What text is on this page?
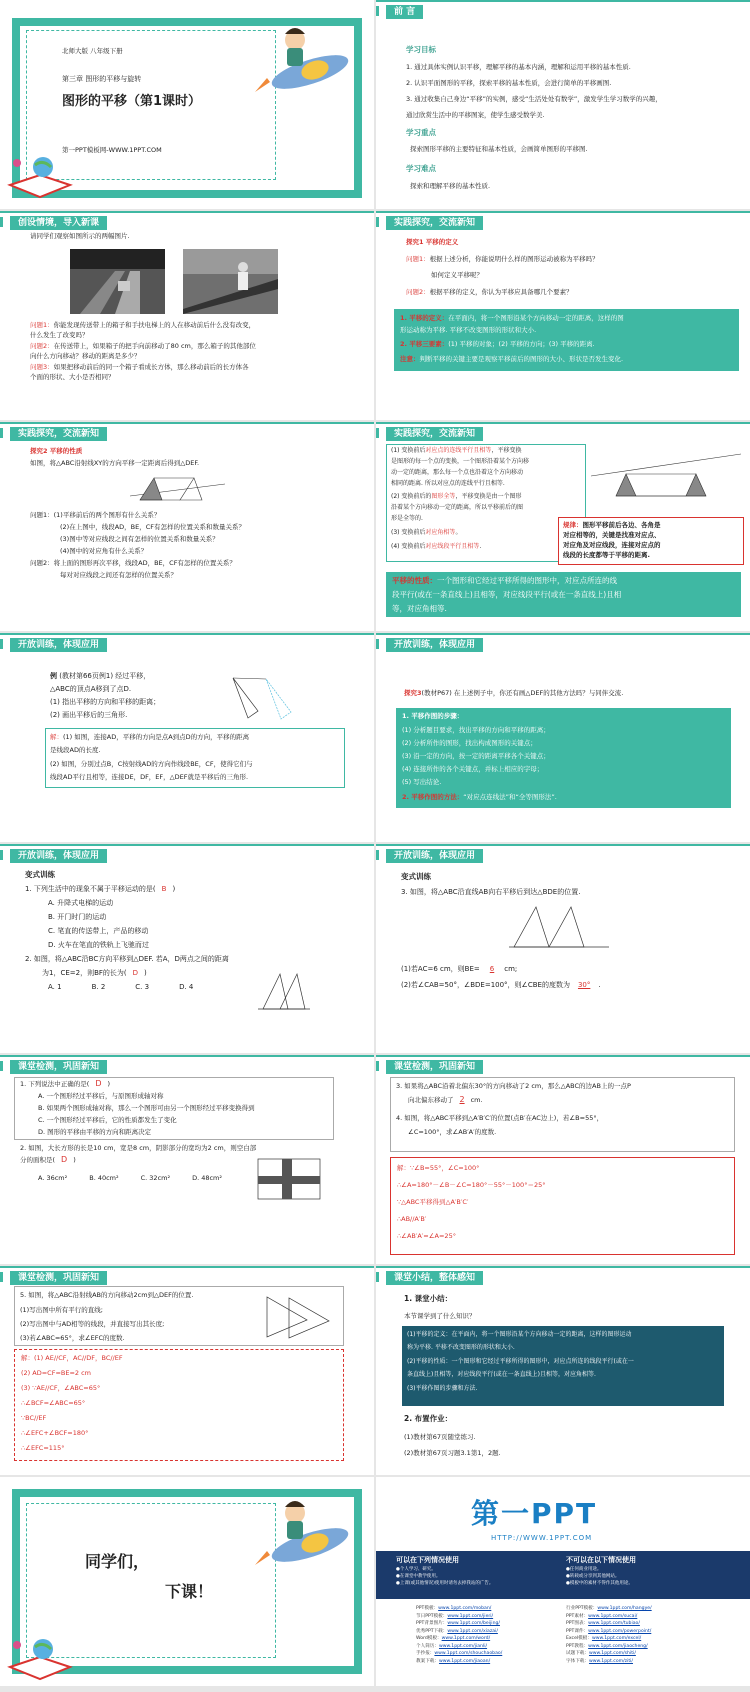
北师大版 八年级下册
第三章 图形的平移与旋转
图形的平移（第1课时）
第一PPT模板网-WWW.1PPT.COM
前 言
学习目标
1. 通过具体实例认识平移，理解平移的基本内涵，理解和运用平移的基本性质.
2. 认识平面图形的平移，探索平移的基本性质，会进行简单的平移画图.
3. 通过收集自己身边“平移”的实例，感受“生活处处有数学”，激发学生学习数学的兴趣，
通过欣赏生活中的平移图案，使学生感受数学美.
学习重点
探索图形平移的主要特征和基本性质，会画简单图形的平移图.
学习难点
探索和理解平移的基本性质.
创设情境，导入新课
请同学们观察如图所示的两幅图片.
问题1：你能发现传送带上的箱子和手扶电梯上的人在移动前后什么没有改变，
什么发生了改变吗？
问题2：在传送带上，如果箱子的把手向前移动了80 cm，那么箱子的其他部位
向什么方向移动？移动的距离是多少？
问题3：如果把移动前后的同一个箱子看成长方体，那么移动前后的长方体各
个面的形状、大小是否相同？
实践探究，交流新知
探究1 平移的定义
问题1：根据上述分析，你能说明什么样的图形运动被称为平移吗？
如何定义平移呢？
问题2：根据平移的定义，你认为平移应具备哪几个要素？
1. 平移的定义：在平面内，将一个图形沿某个方向移动一定的距离，这样的图
形运动称为平移. 平移不改变图形的形状和大小.
2. 平移三要素：(1) 平移的对象；(2) 平移的方向；(3) 平移的距离.
注意：判断平移的关键主要是观察平移前后的图形的大小、形状是否发生变化.
实践探究，交流新知
探究2 平移的性质
如图，将△ABC沿射线XY的方向平移一定距离后得到△DEF.
问题1：(1)平移前后的两个图形有什么关系？
(2)在上图中，线段AD，BE，CF有怎样的位置关系和数量关系？
(3)图中等对应线段之间有怎样的位置关系和数量关系？
(4)图中的对应角有什么关系？
问题2：将上面的图形再次平移，线段AD，BE，CF有怎样的位置关系？
每对对应线段之间还有怎样的位置关系？
实践探究，交流新知
(1) 变换前后对应点的连线平行且相等，平移变换
是图形的每一个点的变换，一个图形沿着某个方向移
动一定的距离，那么每一个点也沿着这个方向移动
相同的距离. 所以对应点的连线平行且相等.
(2) 变换前后的图形全等，平移变换是由一个图形
沿着某个方向移动一定的距离，所以平移前后的图
形是全等的.
(3) 变换前后对应角相等。
(4) 变换前后对应线段平行且相等.
规律：图形平移前后各边、各角是
对应相等的，关键是找准对应点、
对应角及对应线段，连接对应点的
线段的长度都等于平移的距离.
平移的性质：一个图形和它经过平移所得的图形中，对应点所连的线
段平行(或在一条直线上)且相等，对应线段平行(或在一条直线上)且相
等，对应角相等.
开放训练，体现应用
例 (教材第66页例1) 经过平移，
△ABC的顶点A移到了点D.
(1) 指出平移的方向和平移的距离；
(2) 画出平移后的三角形.
解：(1) 如图，连接AD，平移的方向是点A到点D的方向，平移的距离
是线段AD的长度.
(2) 如图，分别过点B，C按射线AD的方向作线段BE，CF，使得它们与
线段AD平行且相等，连接DE，DF，EF，△DEF就是平移后的三角形.
开放训练，体现应用
探究3(教材P67) 在上述例子中，你还有画△DEF的其他方法吗？与同伴交流.
1. 平移作图的步骤：
(1) 分析题目要求，找出平移的方向和平移的距离；
(2) 分析所作的图形，找出构成图形的关键点；
(3) 沿一定的方向，按一定的距离平移各个关键点；
(4) 连接所作的各个关键点，并标上相应的字母；
(5) 写出结论.
2. 平移作图的方法：“对应点连线法”和“全等图形法”.
开放训练，体现应用
变式训练
1. 下列生活中的现象不属于平移运动的是( B )
A. 升降式电梯的运动
B. 开门时门的运动
C. 笔直的传送带上，产品的移动
D. 火车在笔直的铁轨上飞驰而过
2. 如图，将△ABC沿BC方向平移到△DEF. 若A，D两点之间的距离
为1，CE=2，则BF的长为( D )
A. 1	B. 2	C. 3	D. 4
开放训练，体现应用
变式训练
3. 如图，将△ABC沿直线AB向右平移后到达△BDE的位置.
(1)若AC=6 cm，则BE= 6 cm;
(2)若∠CAB=50°，∠BDE=100°，则∠CBE的度数为 30° .
课堂检测，巩固新知
1. 下列说法中正确的是( D )
A. 一个图形经过平移后，与原图形成轴对称
B. 如果两个图形成轴对称，那么一个图形可由另一个图形经过平移变换得到
C. 一个图形经过平移后，它的性质都发生了变化
D. 图形的平移由平移的方向和距离决定
2. 如图，大长方形的长是10 cm，宽是8 cm，阴影部分的宽均为2 cm，则空白部
分的面积是( D )
A. 36cm²	B. 40cm²	C. 32cm²	D. 48cm²
课堂检测，巩固新知
3. 如果将△ABC沿着北偏东30°的方向移动了2 cm，那么△ABC的边AB上的一点P
向北偏东移动了 2 cm.
4. 如图，将△ABC平移到△A′B′C′的位置(点B′在AC边上)，若∠B=55°，
∠C=100°，求∠AB′A′的度数.
解：∵∠B=55°，∠C=100°
∴∠A=180°－∠B－∠C=180°－55°－100°＝25°
∵△ABC平移得到△A′B′C′
∴AB//A′B′
∴∠AB′A′=∠A=25°
课堂检测，巩固新知
5. 如图，将△ABC沿射线AB的方向移动2cm到△DEF的位置.
(1)写出图中所有平行的直线;
(2)写出图中与AD相等的线段，并直接写出其长度;
(3)若∠ABC=65°，求∠EFC的度数.
解：(1) AE//CF，AC//DF，BC//EF
(2) AD=CF=BE=2 cm
(3) ∵AE//CF，∠ABC=65°
∴∠BCF=∠ABC=65°
∵BC//EF
∴∠EFC+∠BCF=180°
∴∠EFC=115°
课堂小结，整体感知
1. 课堂小结：
本节课学到了什么知识？
(1)平移的定义：在平面内，将一个图形沿某个方向移动一定的距离，这样的图形运动
称为平移. 平移不改变图形的形状和大小.
(2)平移的性质：一个图形和它经过平移所得的图形中，对应点所连的线段平行(或在一
条直线上)且相等，对应线段平行(或在一条直线上)且相等，对应角相等.
(3)平移作图的步骤和方法.
2. 布置作业：
(1)教材第67页随堂练习.
(2)教材第67页习题3.1第1，2题.
同学们，
下课！
第一PPT
HTTP://WWW.1PPT.COM
可以在下列情况使用
●个人学习、研究。
●在课堂中教学使用。
●上课(或其他情况)使用时请勿去掉我站的广告。
不可以在以下情况使用
●任何商业用途。
●转载或分享到其他网站。
●模板中的素材不得作其他用途。
PPT模板：www.1ppt.com/moban/
节日PPT模板：www.1ppt.com/jieri/
PPT背景图片：www.1ppt.com/beijing/
优秀PPT下载：www.1ppt.com/xiazai/
Word模板：www.1ppt.com/word/
个人简历：www.1ppt.com/jianli/
手抄报：www.1ppt.com/shouchaobao/
教案下载：www.1ppt.com/jiaoan/
行业PPT模板：www.1ppt.com/hangye/
PPT素材：www.1ppt.com/sucai/
PPT图表：www.1ppt.com/tubiao/
PPT课件：www.1ppt.com/powerpoint/
Excel模板：www.1ppt.com/excel/
PPT教程：www.1ppt.com/jiaocheng/
试题下载：www.1ppt.com/shiti/
字体下载：www.1ppt.com/ziti/
